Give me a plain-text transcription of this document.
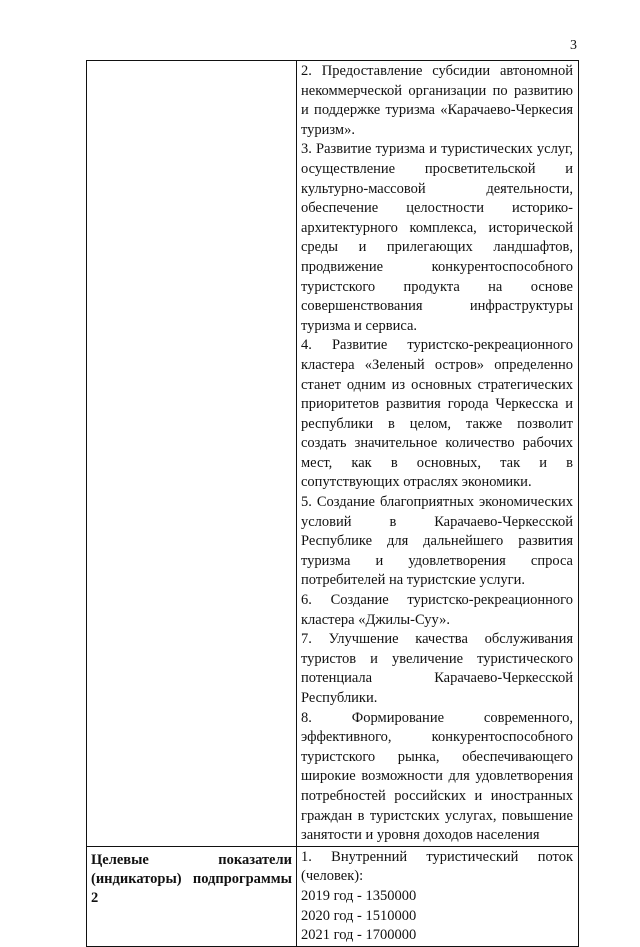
3

2. Предоставление субсидии автономной некоммерческой организации по развитию и поддержке туризма «Карачаево-Черкесия туризм».

3. Развитие туризма и туристических услуг, осуществление просветительской и культурно-массовой деятельности, обеспечение целостности историко- архитектурного комплекса, исторической среды и прилегающих ландшафтов, продвижение конкурентоспособного туристского продукта на основе совершенствования инфраструктуры туризма и сервиса.

4. Развитие туристско-рекреационного кластера «Зеленый остров» определенно станет одним из основных стратегических приоритетов развития города Черкесска и республики в целом, также позволит создать значительное количество рабочих мест, как в основных, так и в сопутствующих отраслях экономики.

5. Создание благоприятных экономических условий в Карачаево-Черкесской Республике для дальнейшего развития туризма и удовлетворения спроса потребителей на туристские услуги.

6. Создание туристско-рекреационного кластера «Джилы-Суу».

7. Улучшение качества обслуживания туристов и увеличение туристического потенциала Карачаево-Черкесской Республики.

8. Формирование современного, эффективного, конкурентоспособного туристского рынка, обеспечивающего широкие возможности для удовлетворения потребностей российских и иностранных граждан в туристских услугах, повышение занятости и уровня доходов населения

Целевые показатели (индикаторы) подпрограммы 2

1. Внутренний туристический поток (человек):

2019 год - 1350000

2020 год - 1510000

2021 год - 1700000
